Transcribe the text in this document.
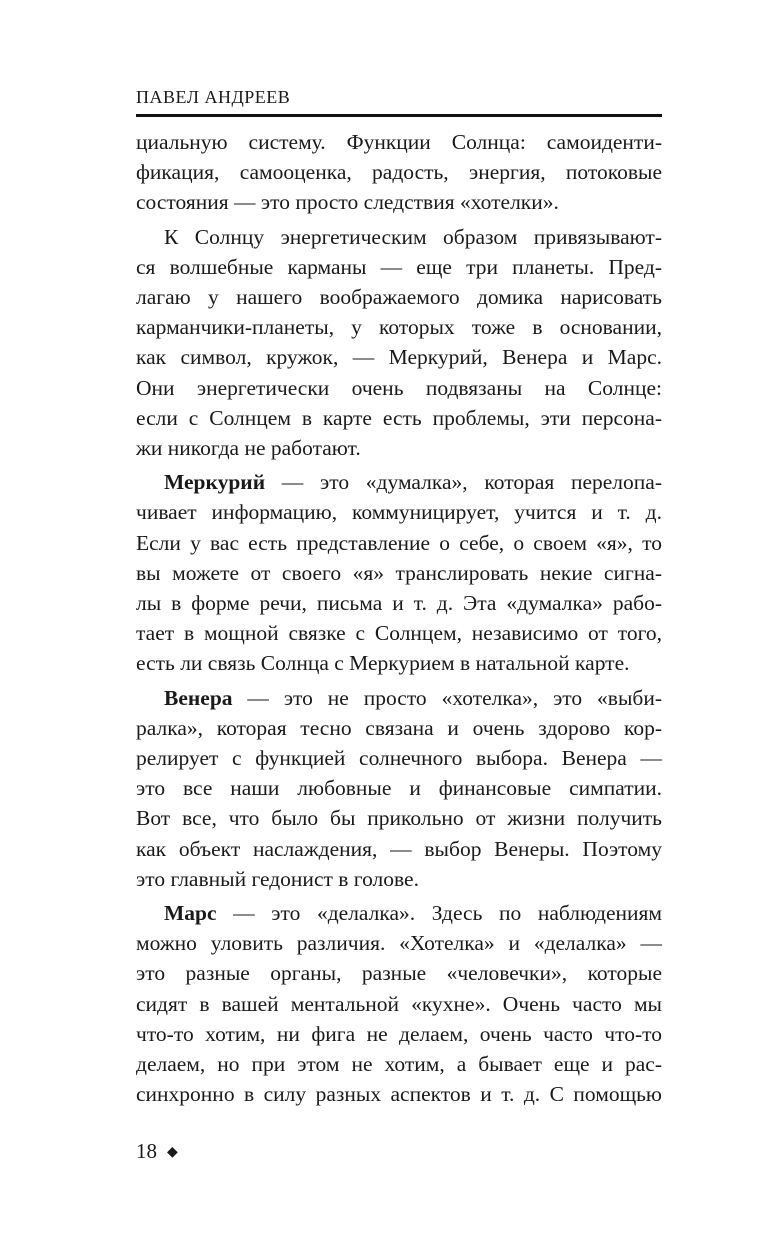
ПАВЕЛ АНДРЕЕВ
циальную систему. Функции Солнца: самоиденти-
фикация, самооценка, радость, энергия, потоковые
состояния — это просто следствия «хотелки».
К Солнцу энергетическим образом привязывают-
ся волшебные карманы — еще три планеты. Пред-
лагаю у нашего воображаемого домика нарисовать
карманчики-планеты, у которых тоже в основании,
как символ, кружок, — Меркурий, Венера и Марс.
Они энергетически очень подвязаны на Солнце:
если с Солнцем в карте есть проблемы, эти персона-
жи никогда не работают.
Меркурий — это «думалка», которая перелопа-
чивает информацию, коммуницирует, учится и т. д.
Если у вас есть представление о себе, о своем «я», то
вы можете от своего «я» транслировать некие сигна-
лы в форме речи, письма и т. д. Эта «думалка» рабо-
тает в мощной связке с Солнцем, независимо от того,
есть ли связь Солнца с Меркурием в натальной карте.
Венера — это не просто «хотелка», это «выби-
ралка», которая тесно связана и очень здорово кор-
релирует с функцией солнечного выбора. Венера —
это все наши любовные и финансовые симпатии.
Вот все, что было бы прикольно от жизни получить
как объект наслаждения, — выбор Венеры. Поэтому
это главный гедонист в голове.
Марс — это «делалка». Здесь по наблюдениям
можно уловить различия. «Хотелка» и «делалка» —
это разные органы, разные «человечки», которые
сидят в вашей ментальной «кухне». Очень часто мы
что-то хотим, ни фига не делаем, очень часто что-то
делаем, но при этом не хотим, а бывает еще и рас-
синхронно в силу разных аспектов и т. д. С помощью
18 ◆
